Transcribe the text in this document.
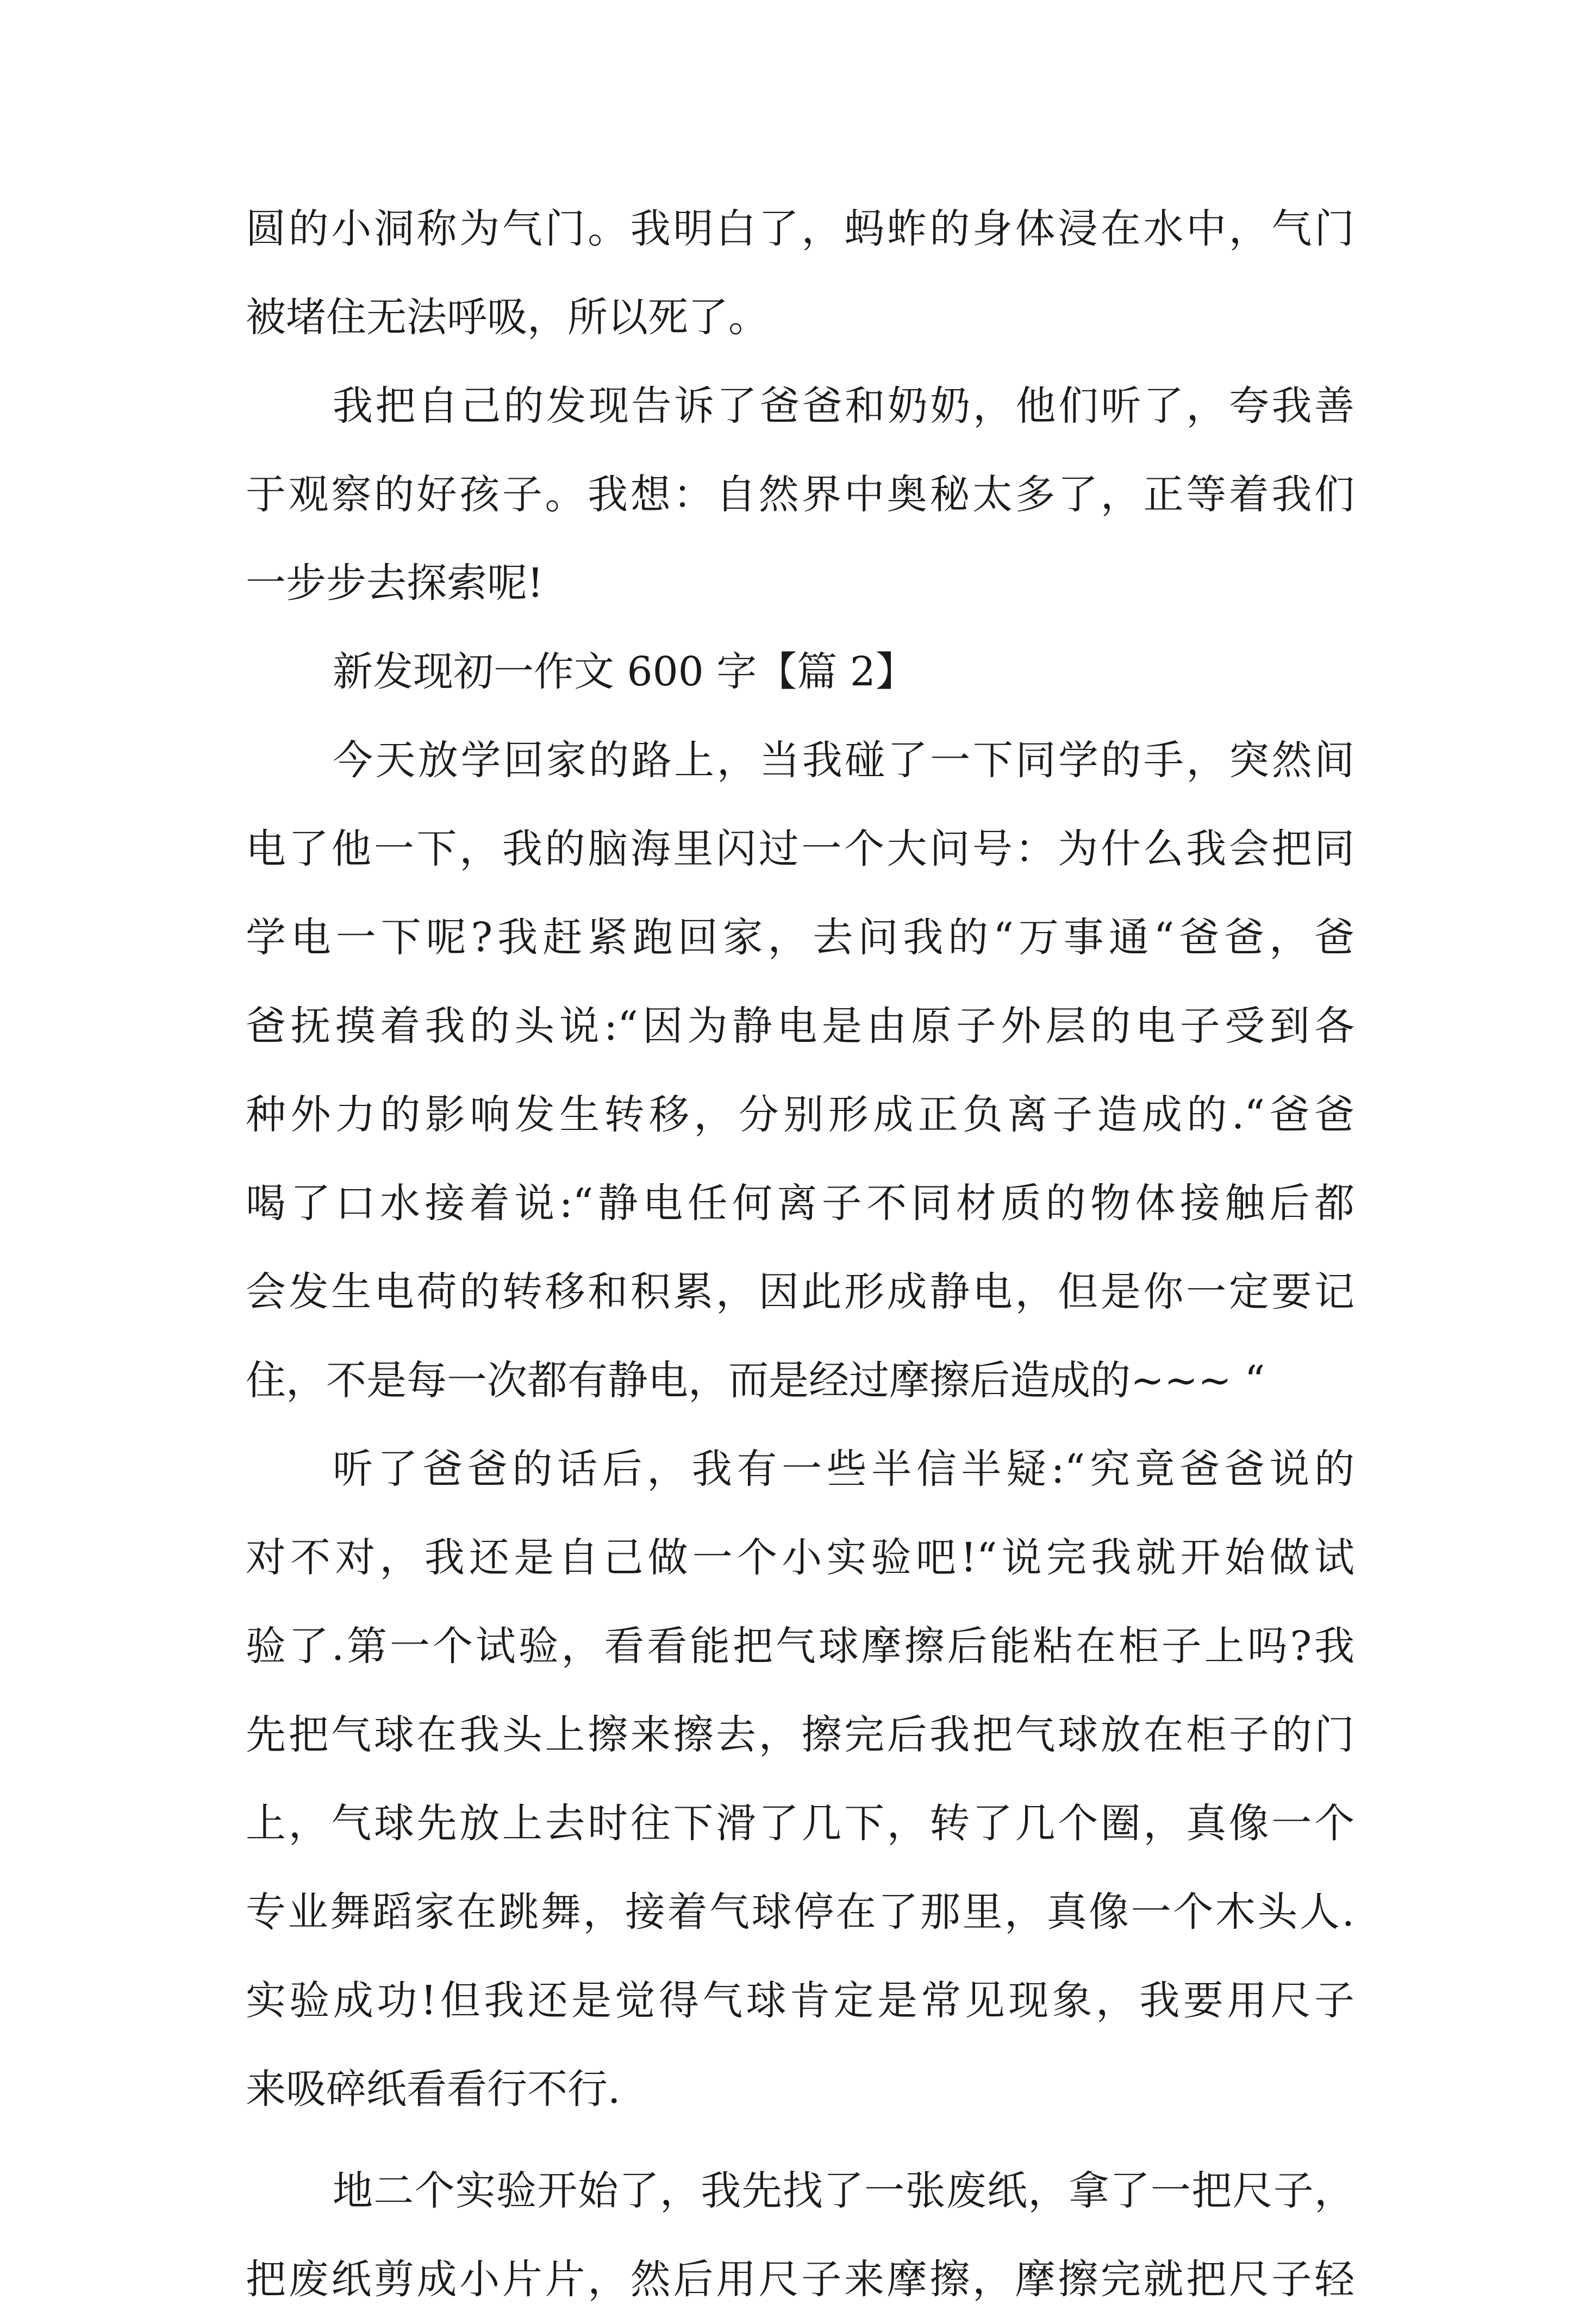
圆的小洞称为气门。我明白了，蚂蚱的身体浸在水中，气门
被堵住无法呼吸，所以死了。
我把自己的发现告诉了爸爸和奶奶，他们听了，夸我善
于观察的好孩子。我想：自然界中奥秘太多了，正等着我们
一步步去探索呢!
新发现初一作文 600 字【篇 2】
今天放学回家的路上，当我碰了一下同学的手，突然间
电了他一下，我的脑海里闪过一个大问号：为什么我会把同
学电一下呢?我赶紧跑回家，去问我的“万事通“爸爸，爸
爸抚摸着我的头说:“因为静电是由原子外层的电子受到各
种外力的影响发生转移，分别形成正负离子造成的.“爸爸
喝了口水接着说:“静电任何离子不同材质的物体接触后都
会发生电荷的转移和积累，因此形成静电，但是你一定要记
住，不是每一次都有静电，而是经过摩擦后造成的~~~ “
听了爸爸的话后，我有一些半信半疑:“究竟爸爸说的
对不对，我还是自己做一个小实验吧!“说完我就开始做试
验了.第一个试验，看看能把气球摩擦后能粘在柜子上吗?我
先把气球在我头上擦来擦去，擦完后我把气球放在柜子的门
上，气球先放上去时往下滑了几下，转了几个圈，真像一个
专业舞蹈家在跳舞，接着气球停在了那里，真像一个木头人.
实验成功!但我还是觉得气球肯定是常见现象，我要用尺子
来吸碎纸看看行不行.
地二个实验开始了，我先找了一张废纸，拿了一把尺子，
把废纸剪成小片片，然后用尺子来摩擦，摩擦完就把尺子轻
